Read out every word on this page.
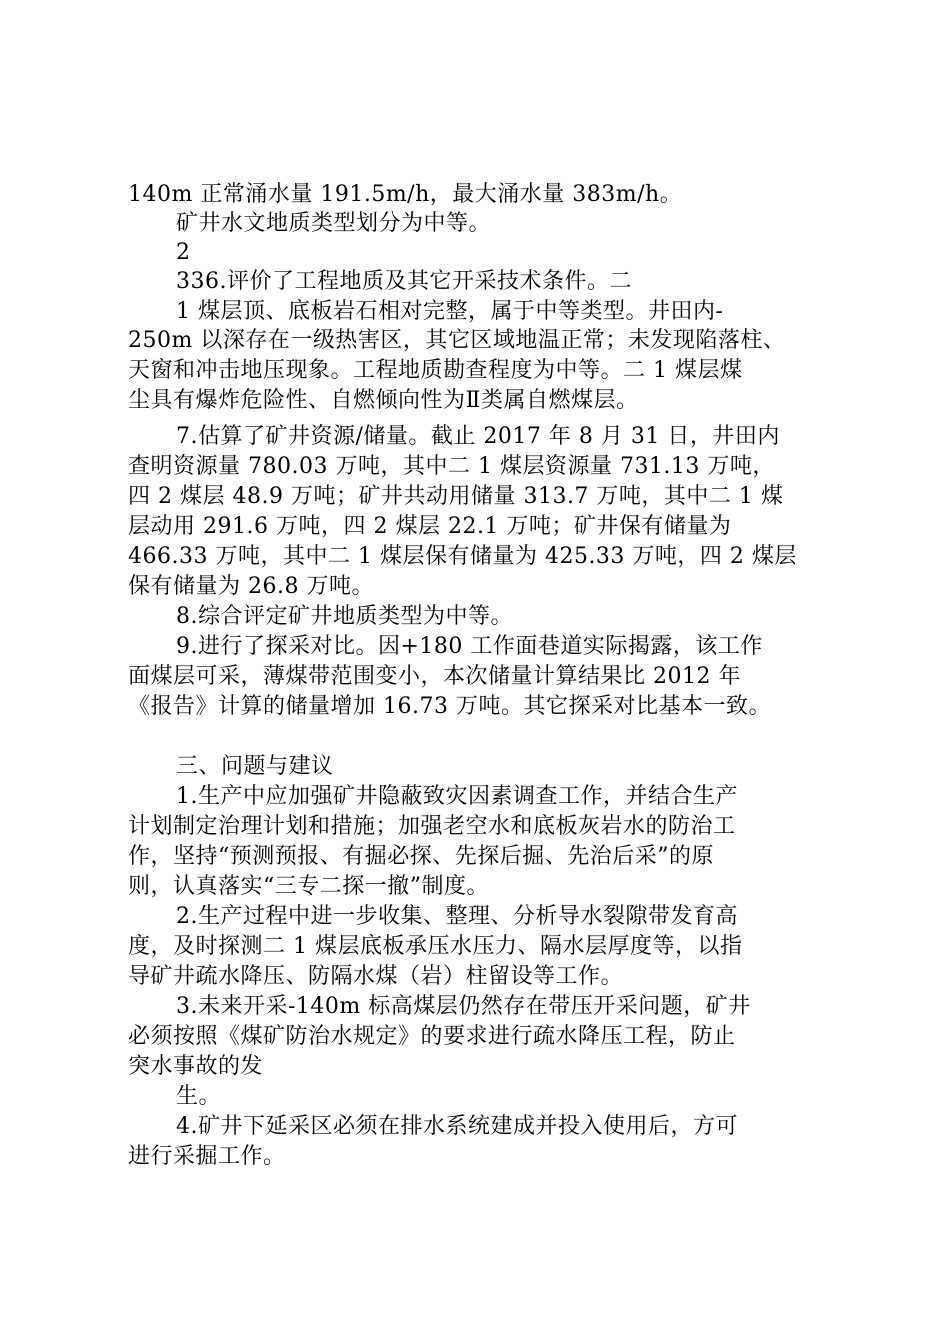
140m 正常涌水量 191.5m/h，最大涌水量 383m/h。
矿井水文地质类型划分为中等。
2
336.评价了工程地质及其它开采技术条件。二
1 煤层顶、底板岩石相对完整，属于中等类型。井田内-
250m 以深存在一级热害区，其它区域地温正常；未发现陷落柱、
天窗和冲击地压现象。工程地质勘查程度为中等。二 1 煤层煤
尘具有爆炸危险性、自燃倾向性为Ⅱ类属自燃煤层。
7.估算了矿井资源/储量。截止 2017 年 8 月 31 日，井田内
查明资源量 780.03 万吨，其中二 1 煤层资源量 731.13 万吨，
四 2 煤层 48.9 万吨；矿井共动用储量 313.7 万吨，其中二 1 煤
层动用 291.6 万吨，四 2 煤层 22.1 万吨；矿井保有储量为
466.33 万吨，其中二 1 煤层保有储量为 425.33 万吨，四 2 煤层
保有储量为 26.8 万吨。
8.综合评定矿井地质类型为中等。
9.进行了探采对比。因+180 工作面巷道实际揭露，该工作
面煤层可采，薄煤带范围变小，本次储量计算结果比 2012 年
《报告》计算的储量增加 16.73 万吨。其它探采对比基本一致。
三、问题与建议
1.生产中应加强矿井隐蔽致灾因素调查工作，并结合生产
计划制定治理计划和措施；加强老空水和底板灰岩水的防治工
作，坚持“预测预报、有掘必探、先探后掘、先治后采”的原
则，认真落实“三专二探一撤”制度。
2.生产过程中进一步收集、整理、分析导水裂隙带发育高
度，及时探测二 1 煤层底板承压水压力、隔水层厚度等，以指
导矿井疏水降压、防隔水煤（岩）柱留设等工作。
3.未来开采-140m 标高煤层仍然存在带压开采问题，矿井
必须按照《煤矿防治水规定》的要求进行疏水降压工程，防止
突水事故的发
生。
4.矿井下延采区必须在排水系统建成并投入使用后，方可
进行采掘工作。
